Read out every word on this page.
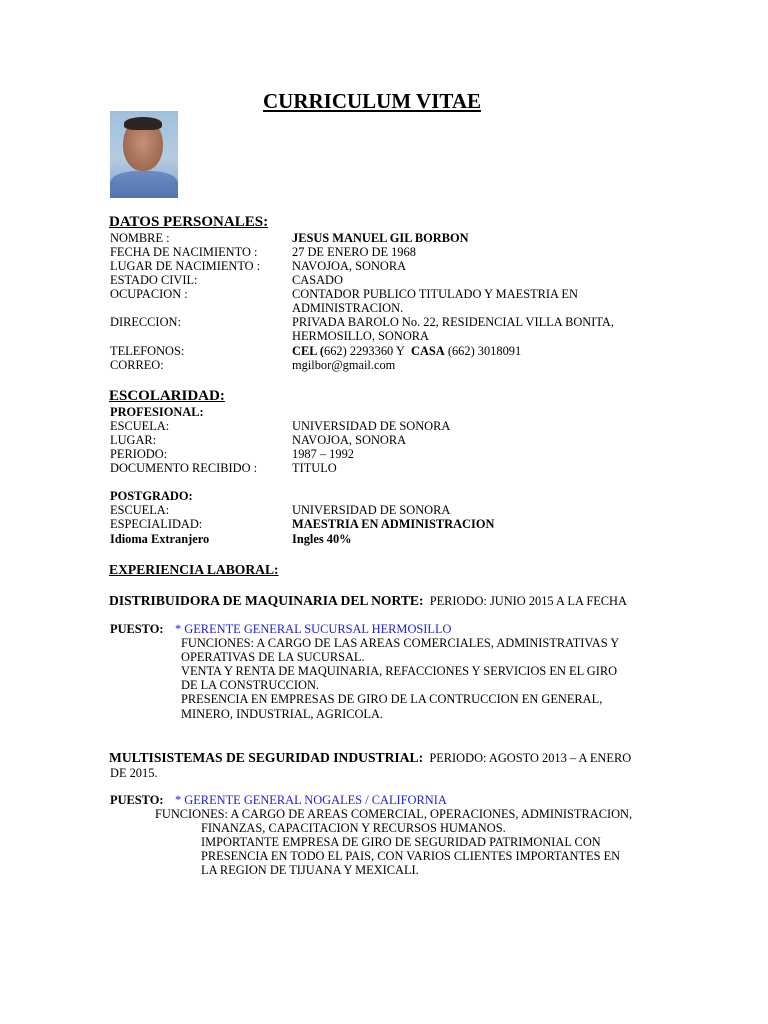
CURRICULUM VITAE
DATOS PERSONALES:
NOMBRE :	JESUS MANUEL GIL BORBON
FECHA DE NACIMIENTO :	27 DE ENERO DE 1968
LUGAR DE NACIMIENTO :	NAVOJOA, SONORA
ESTADO CIVIL:	CASADO
OCUPACION :	CONTADOR PUBLICO TITULADO Y MAESTRIA EN
ADMINISTRACION.
DIRECCION:	PRIVADA BAROLO No. 22, RESIDENCIAL VILLA BONITA,
HERMOSILLO, SONORA
TELEFONOS:	CEL (662) 2293360 Y CASA (662) 3018091
CORREO:	mgilbor@gmail.com
ESCOLARIDAD:
PROFESIONAL:
ESCUELA:	UNIVERSIDAD DE SONORA
LUGAR:	NAVOJOA, SONORA
PERIODO:	1987 – 1992
DOCUMENTO RECIBIDO :	TITULO
POSTGRADO:
ESCUELA:	UNIVERSIDAD DE SONORA
ESPECIALIDAD:	MAESTRIA EN ADMINISTRACION
Idioma Extranjero	Ingles 40%
EXPERIENCIA LABORAL:
DISTRIBUIDORA DE MAQUINARIA DEL NORTE: PERIODO: JUNIO 2015 A LA FECHA
PUESTO: * GERENTE GENERAL SUCURSAL HERMOSILLO
FUNCIONES: A CARGO DE LAS AREAS COMERCIALES, ADMINISTRATIVAS Y
OPERATIVAS DE LA SUCURSAL.
VENTA Y RENTA DE MAQUINARIA, REFACCIONES Y SERVICIOS EN EL GIRO
DE LA CONSTRUCCION.
PRESENCIA EN EMPRESAS DE GIRO DE LA CONTRUCCION EN GENERAL,
MINERO, INDUSTRIAL, AGRICOLA.
MULTISISTEMAS DE SEGURIDAD INDUSTRIAL: PERIODO: AGOSTO 2013 – A ENERO
DE 2015.
PUESTO: * GERENTE GENERAL NOGALES / CALIFORNIA
FUNCIONES: A CARGO DE AREAS COMERCIAL, OPERACIONES, ADMINISTRACION,
FINANZAS, CAPACITACION Y RECURSOS HUMANOS.
IMPORTANTE EMPRESA DE GIRO DE SEGURIDAD PATRIMONIAL CON
PRESENCIA EN TODO EL PAIS, CON VARIOS CLIENTES IMPORTANTES EN
LA REGION DE TIJUANA Y MEXICALI.
